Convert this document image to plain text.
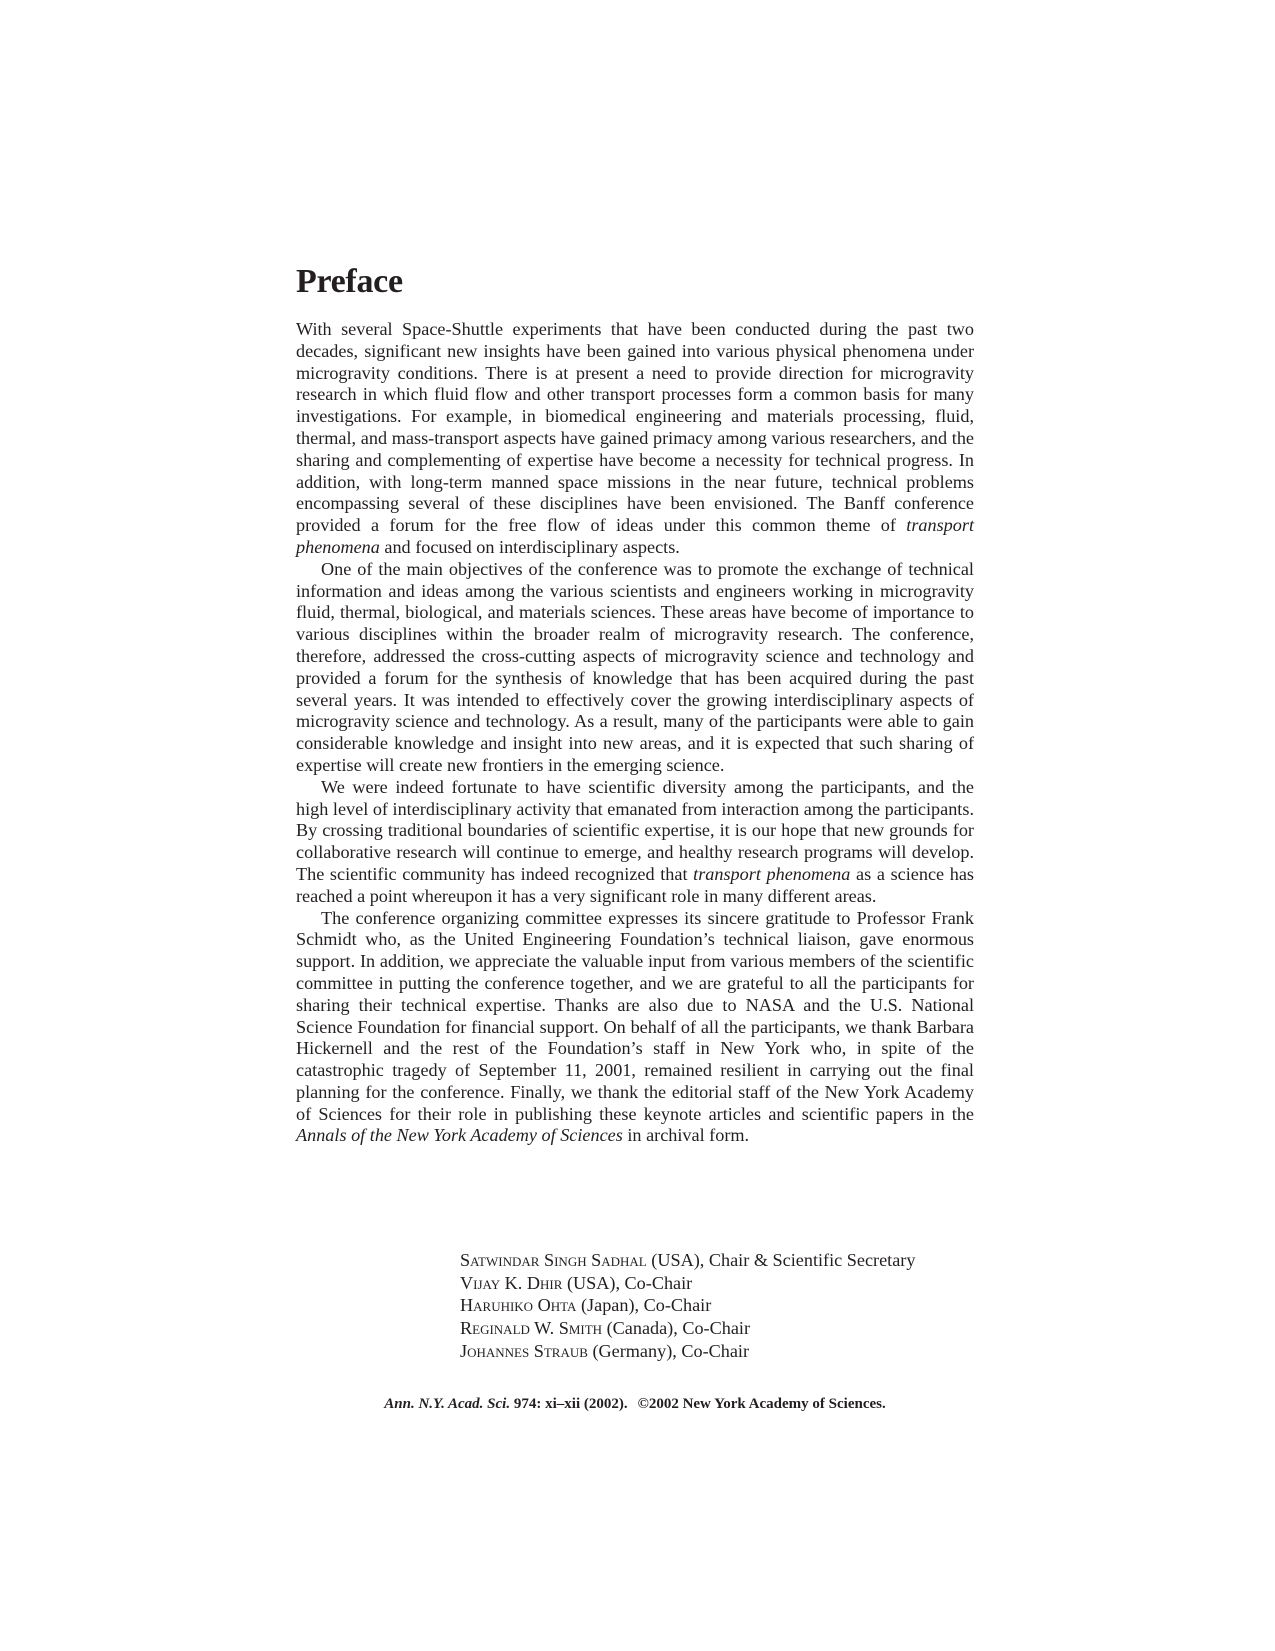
Preface

With several Space-Shuttle experiments that have been conducted during the past two decades, significant new insights have been gained into various physical phenomena under microgravity conditions. There is at present a need to provide direction for microgravity research in which fluid flow and other transport processes form a common basis for many investigations. For example, in biomedical engineering and materials processing, fluid, thermal, and mass-transport aspects have gained primacy among various researchers, and the sharing and complementing of expertise have become a necessity for technical progress. In addition, with long-term manned space missions in the near future, technical problems encompassing several of these disciplines have been envisioned. The Banff conference provided a forum for the free flow of ideas under this common theme of transport phenomena and focused on interdisciplinary aspects.

One of the main objectives of the conference was to promote the exchange of technical information and ideas among the various scientists and engineers working in microgravity fluid, thermal, biological, and materials sciences. These areas have become of importance to various disciplines within the broader realm of microgravity research. The conference, therefore, addressed the cross-cutting aspects of microgravity science and technology and provided a forum for the synthesis of knowledge that has been acquired during the past several years. It was intended to effectively cover the growing interdisciplinary aspects of microgravity science and technology. As a result, many of the participants were able to gain considerable knowledge and insight into new areas, and it is expected that such sharing of expertise will create new frontiers in the emerging science.

We were indeed fortunate to have scientific diversity among the participants, and the high level of interdisciplinary activity that emanated from interaction among the participants. By crossing traditional boundaries of scientific expertise, it is our hope that new grounds for collaborative research will continue to emerge, and healthy research programs will develop. The scientific community has indeed recognized that transport phenomena as a science has reached a point whereupon it has a very significant role in many different areas.

The conference organizing committee expresses its sincere gratitude to Professor Frank Schmidt who, as the United Engineering Foundation’s technical liaison, gave enormous support. In addition, we appreciate the valuable input from various members of the scientific committee in putting the conference together, and we are grateful to all the participants for sharing their technical expertise. Thanks are also due to NASA and the U.S. National Science Foundation for financial support. On behalf of all the participants, we thank Barbara Hickernell and the rest of the Foundation’s staff in New York who, in spite of the catastrophic tragedy of September 11, 2001, remained resilient in carrying out the final planning for the conference. Finally, we thank the editorial staff of the New York Academy of Sciences for their role in publishing these keynote articles and scientific papers in the Annals of the New York Academy of Sciences in archival form.

Satwindar Singh Sadhal (USA), Chair & Scientific Secretary
Vijay K. Dhir (USA), Co-Chair
Haruhiko Ohta (Japan), Co-Chair
Reginald W. Smith (Canada), Co-Chair
Johannes Straub (Germany), Co-Chair
Ann. N.Y. Acad. Sci. 974: xi–xii (2002). ©2002 New York Academy of Sciences.
